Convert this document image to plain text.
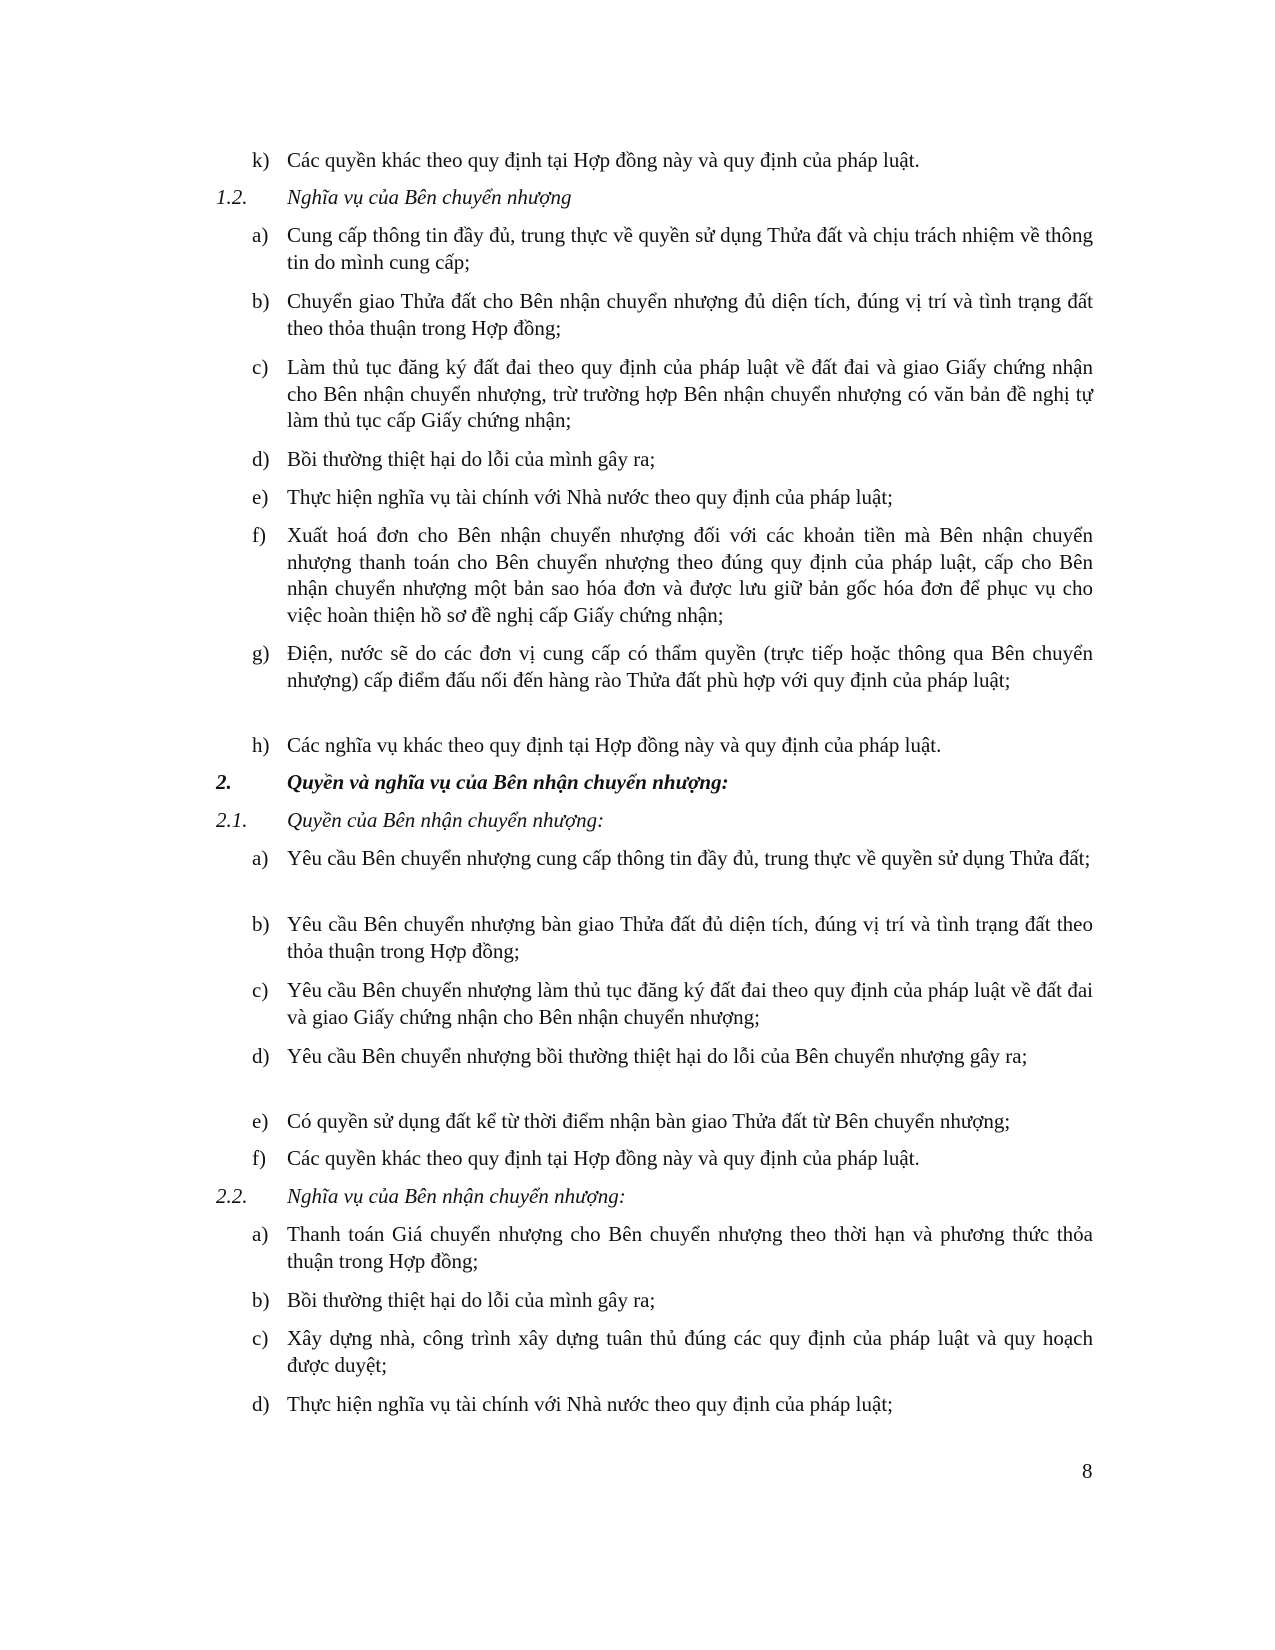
k) Các quyền khác theo quy định tại Hợp đồng này và quy định của pháp luật.
1.2. Nghĩa vụ của Bên chuyển nhượng
a) Cung cấp thông tin đầy đủ, trung thực về quyền sử dụng Thửa đất và chịu trách nhiệm về thông tin do mình cung cấp;
b) Chuyển giao Thửa đất cho Bên nhận chuyển nhượng đủ diện tích, đúng vị trí và tình trạng đất theo thỏa thuận trong Hợp đồng;
c) Làm thủ tục đăng ký đất đai theo quy định của pháp luật về đất đai và giao Giấy chứng nhận cho Bên nhận chuyển nhượng, trừ trường hợp Bên nhận chuyển nhượng có văn bản đề nghị tự làm thủ tục cấp Giấy chứng nhận;
d) Bồi thường thiệt hại do lỗi của mình gây ra;
e) Thực hiện nghĩa vụ tài chính với Nhà nước theo quy định của pháp luật;
f) Xuất hoá đơn cho Bên nhận chuyển nhượng đối với các khoản tiền mà Bên nhận chuyển nhượng thanh toán cho Bên chuyển nhượng theo đúng quy định của pháp luật, cấp cho Bên nhận chuyển nhượng một bản sao hóa đơn và được lưu giữ bản gốc hóa đơn để phục vụ cho việc hoàn thiện hồ sơ đề nghị cấp Giấy chứng nhận;
g) Điện, nước sẽ do các đơn vị cung cấp có thẩm quyền (trực tiếp hoặc thông qua Bên chuyển nhượng) cấp điểm đấu nối đến hàng rào Thửa đất phù hợp với quy định của pháp luật;
h) Các nghĩa vụ khác theo quy định tại Hợp đồng này và quy định của pháp luật.
2.	Quyền và nghĩa vụ của Bên nhận chuyển nhượng:
2.1. Quyền của Bên nhận chuyển nhượng:
a) Yêu cầu Bên chuyển nhượng cung cấp thông tin đầy đủ, trung thực về quyền sử dụng Thửa đất;
b) Yêu cầu Bên chuyển nhượng bàn giao Thửa đất đủ diện tích, đúng vị trí và tình trạng đất theo thỏa thuận trong Hợp đồng;
c) Yêu cầu Bên chuyển nhượng làm thủ tục đăng ký đất đai theo quy định của pháp luật về đất đai và giao Giấy chứng nhận cho Bên nhận chuyển nhượng;
d) Yêu cầu Bên chuyển nhượng bồi thường thiệt hại do lỗi của Bên chuyển nhượng gây ra;
e) Có quyền sử dụng đất kể từ thời điểm nhận bàn giao Thửa đất từ Bên chuyển nhượng;
f) Các quyền khác theo quy định tại Hợp đồng này và quy định của pháp luật.
2.2. Nghĩa vụ của Bên nhận chuyển nhượng:
a) Thanh toán Giá chuyển nhượng cho Bên chuyển nhượng theo thời hạn và phương thức thỏa thuận trong Hợp đồng;
b) Bồi thường thiệt hại do lỗi của mình gây ra;
c) Xây dựng nhà, công trình xây dựng tuân thủ đúng các quy định của pháp luật và quy hoạch được duyệt;
d) Thực hiện nghĩa vụ tài chính với Nhà nước theo quy định của pháp luật;
8
